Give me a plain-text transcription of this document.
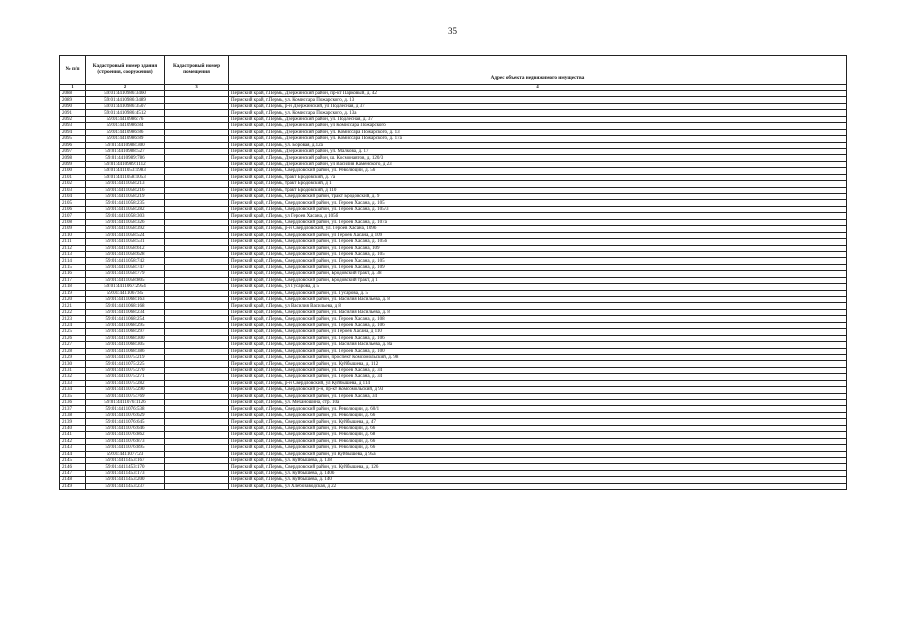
35
№ п/п	Кадастровый номер здания (строения, сооружения)	Кадастровый номер помещения	Адрес объекта недвижимого имущества
1	2	3	4
2088	59:01:4410986:3460		Пермский край, г.Пермь, Дзержинский район, пр-кт Парковый, д. 42
2089	59:01:4410986:3489		Пермский край, г.Пермь, ул. Комиссара Пожарского, д. 13
2090	59:01:4410986:3507		Пермский край, г.Пермь, р-н Дзержинский, ул Подлесная, д 37
2091	59:01:4410986:4512		Пермский край, г.Пермь, ул. Комиссара Пожарского, д. 13а
2092	59:01:4410986:76		Пермский край, г.Пермь, Дзержинский район, ул. Подлесная, д. 37
2093	59:01:4410986:84		Пермский край, г.Пермь, Дзержинский район, ул Комиссара Пожарского
2094	59:01:4410986:86		Пермский край, г.Пермь, Дзержинский район, ул. Комиссара Пожарского, д. 13
2095	59:01:4410986:89		Пермский край, г.Пермь, Дзержинский район, ул. Комиссара Пожарского, д. 17а
2096	59:01:4410988:300		Пермский край, г.Пермь, ул. Боровая, д.12а
2097	59:01:4410988:527		Пермский край, г.Пермь, Дзержинский район, ул. Малкова, д. 17
2098	59:01:4410989:786		Пермский край, г.Пермь, Дзержинский район, ш. Космонавтов, д. 120/3
2099	59:01:4410989:1112		Пермский край, г.Пермь, Дзержинский район, ул Василия Каменского, д 23
2100	59:01:4411053:1983		Пермский край, г.Пермь, Свердловский район, ул. Революции, д. 56
2101	59:01:4411058:1053		Пермский край, г.Пермь, тракт Бродовский, д. 7а
2102	59:01:4411058:213		Пермский край, г.Пермь, тракт Бродовский, д 1
2103	59:01:4411058:216		Пермский край, г.Пермь, тракт Бродовский, д 110
2104	59:01:4411058:219		Пермский край, г.Пермь, Свердловский район, тракт Бродовский, д. 9
2105	59:01:4411058:235		Пермский край, г.Пермь, Свердловский район, ул. Героев Хасана, д. 105
2106	59:01:4411058:282		Пермский край, г.Пермь, Свердловский район, ул. Героев Хасана, д. 105/3
2107	59:01:4411058:303		Пермский край, г.Пермь, ул Героев Хасана, д 105б
2108	59:01:4411058:326		Пермский край, г.Пермь, Свердловский район, ул. Героев Хасана, д. 107а
2109	59:01:4411058:392		Пермский край, г.Пермь, р-н Свердловский, ул. Героев Хасана, 109б
2110	59:01:4411058:524		Пермский край, г.Пермь, Свердловский район, ул Героев Хасана, д 109
2111	59:01:4411058:531		Пермский край, г.Пермь, Свердловский район, ул. Героев Хасана, д. 105б
2112	59:01:4411058:612		Пермский край, г.Пермь, Свердловский район, ул. Героев Хасана, 109
2113	59:01:4411058:628		Пермский край, г.Пермь, Свердловский район, ул. Героев Хасана, д. 105
2114	59:01:4411058:742		Пермский край, г.Пермь, Свердловский район, ул. Героев Хасана, д. 105
2115	59:01:4411058:747		Пермский край, г.Пермь, Свердловский район, ул. Героев Хасана, д. 109
2116	59:01:4411058:779		Пермский край, г.Пермь, Свердловский район, Бродовский тракт, д. 38
2117	59:01:4411058:805		Пермский край, г.Пермь, Свердловский район, Бродовский тракт, д 1
2118	59:01:4411067:2954		Пермский край, г.Пермь, ул Гусарова, д 5
2119	59:01:4411067:85		Пермский край, г.Пермь, Свердловский район, ул. Гусарова, д. 5
2120	59:01:4411068:163		Пермский край, г.Пермь, Свердловский район, ул. Василия Васильева, д. 8
2121	59:01:4411068:168		Пермский край, г.Пермь, ул Василия Васильева, д 8
2122	59:01:4411068:234		Пермский край, г.Пермь, Свердловский район, ул. Василия Васильева, д. 8
2123	59:01:4411068:254		Пермский край, г.Пермь, Свердловский район, ул. Героев Хасана, д. 108
2124	59:01:4411068:295		Пермский край, г.Пермь, Свердловский район, ул. Героев Хасана, д. 106
2125	59:01:4411068:297		Пермский край, г.Пермь, Свердловский район, ул Героев Хасана, д 110
2126	59:01:4411068:300		Пермский край, г.Пермь, Свердловский район, ул. Героев Хасана, д. 106
2127	59:01:4411068:305		Пермский край, г.Пермь, Свердловский район, ул. Василия Васильева, д. 8а
2128	59:01:4411068:386		Пермский край, г.Пермь, Свердловский район, ул. Героев Хасана, д. 100
2129	59:01:4411075:219		Пермский край, г.Пермь, Свердловский район, проспект Комсомольский, д. 98
2130	59:01:4411075:225		Пермский край, г.Пермь, Свердловский район, ул. Куйбышева, д. 112
2131	59:01:4411075:270		Пермский край, г.Пермь, Свердловский район, ул. Героев Хасана, д. 34
2132	59:01:4411075:271		Пермский край, г.Пермь, Свердловский район, ул. Героев Хасана, д. 34
2133	59:01:4411075:282		Пермский край, г.Пермь, р-н Свердловский, ул Куйбышева, д 114
2134	59:01:4411075:290		Пермский край, г.Пермь, Свердловский р-н, пр-кт Комсомольский, д 93
2135	59:01:4411075:769		Пермский край, г.Пермь, Свердловский район, ул. Героев Хасана, 34
2136	59:01:4411076:1126		Пермский край, г.Пермь, ул. Механошина, стр. 10а
2137	59:01:4411076:538		Пермский край, г.Пермь, Свердловский район, ул. Революции, д. 60/1
2138	59:01:4411076:629		Пермский край, г.Пермь, Свердловский район, ул. Революции, д. 66
2139	59:01:4411076:645		Пермский край, г.Пермь, Свердловский район, ул. Куйбышева, д. 47
2140	59:01:4411076:646		Пермский край, г.Пермь, Свердловский район, ул. Революции, д. 66
2141	59:01:4411076:862		Пермский край, г.Пермь, Свердловский район, ул. Революции, д. 68
2142	59:01:4411076:873		Пермский край, г.Пермь, Свердловский район, ул. Революции, д. 66
2143	59:01:4411076:895		Пермский край, г.Пермь, Свердловский район, ул. Революции, д. 66
2144	59:01:4411077:23		Пермский край, г.Пермь, Свердловский район, ул Куйбышева, д 95а
2145	59:01:4411453:167		Пермский край, г.Пермь, ул. Куйбышева, д. 138
2146	59:01:4411453:170		Пермский край, г.Пермь, Свердловский район, ул. Куйбышева, д. 126
2147	59:01:4411453:173		Пермский край, г.Пермь, ул. Куйбышева, д. 140б
2148	59:01:4411453:200		Пермский край, г.Пермь, ул. Куйбышева, д. 140
2149	59:01:4411453:237		Пермский край, г.Пермь, ул Хлебозаводская, д 22
